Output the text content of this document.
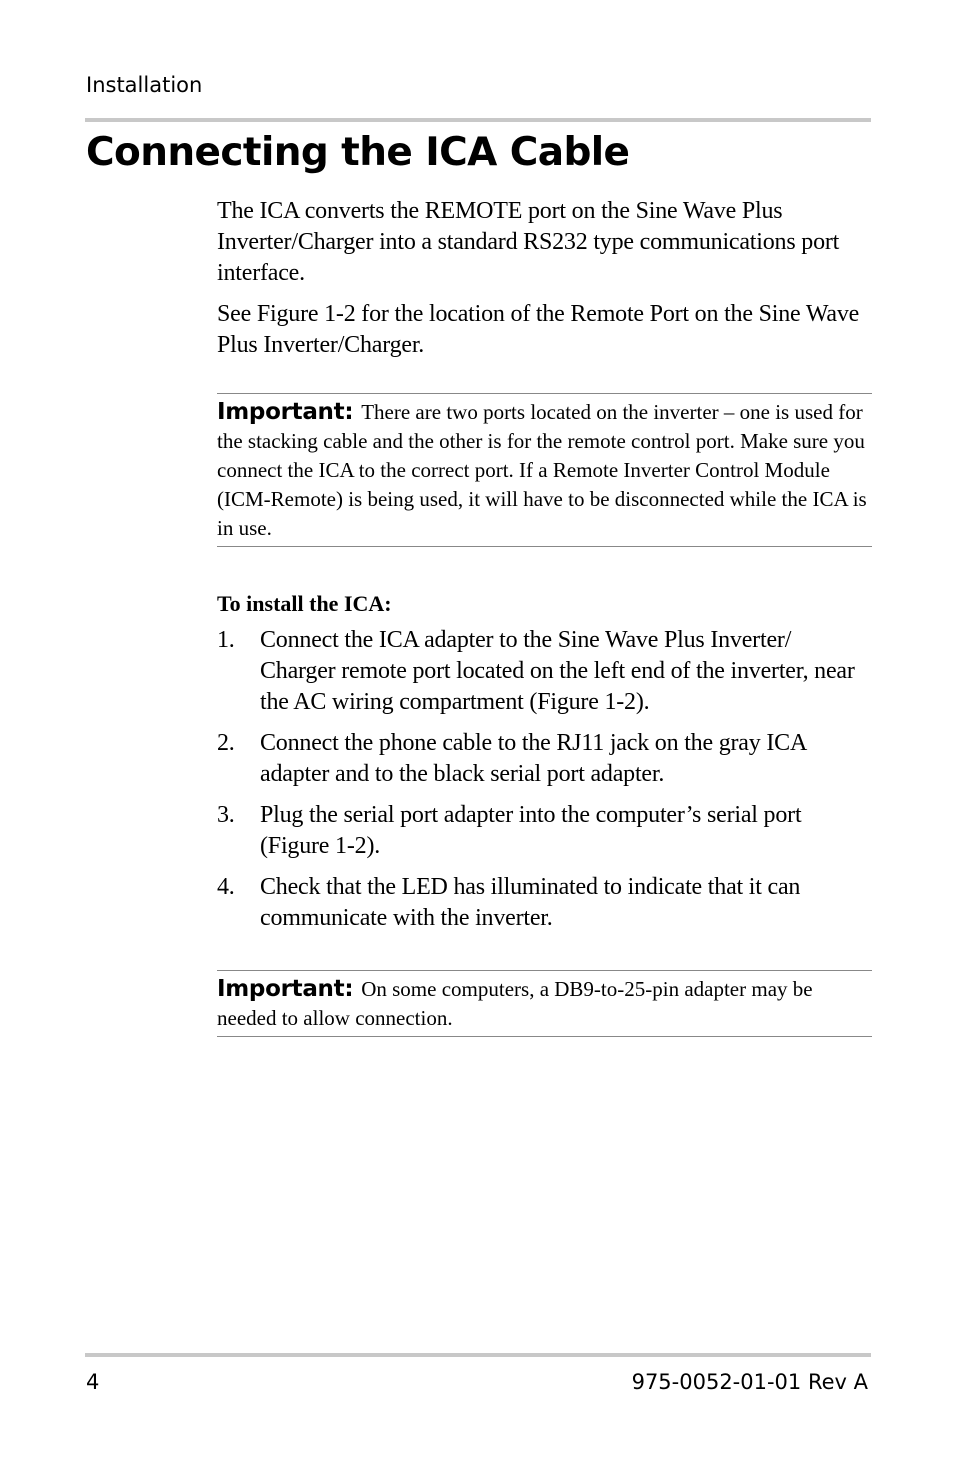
Installation
Connecting the ICA Cable

The ICA converts the REMOTE port on the Sine Wave Plus Inverter/Charger into a standard RS232 type communications port interface.

See Figure 1-2 for the location of the Remote Port on the Sine Wave Plus Inverter/Charger.

Important: There are two ports located on the inverter – one is used for the stacking cable and the other is for the remote control port. Make sure you connect the ICA to the correct port. If a Remote Inverter Control Module (ICM-Remote) is being used, it will have to be disconnected while the ICA is in use.

To install the ICA:
1. Connect the ICA adapter to the Sine Wave Plus Inverter/ Charger remote port located on the left end of the inverter, near the AC wiring compartment (Figure 1-2).
2. Connect the phone cable to the RJ11 jack on the gray ICA adapter and to the black serial port adapter.
3. Plug the serial port adapter into the computer’s serial port (Figure 1-2).
4. Check that the LED has illuminated to indicate that it can communicate with the inverter.

Important: On some computers, a DB9-to-25-pin adapter may be needed to allow connection.

4	975-0052-01-01 Rev A
